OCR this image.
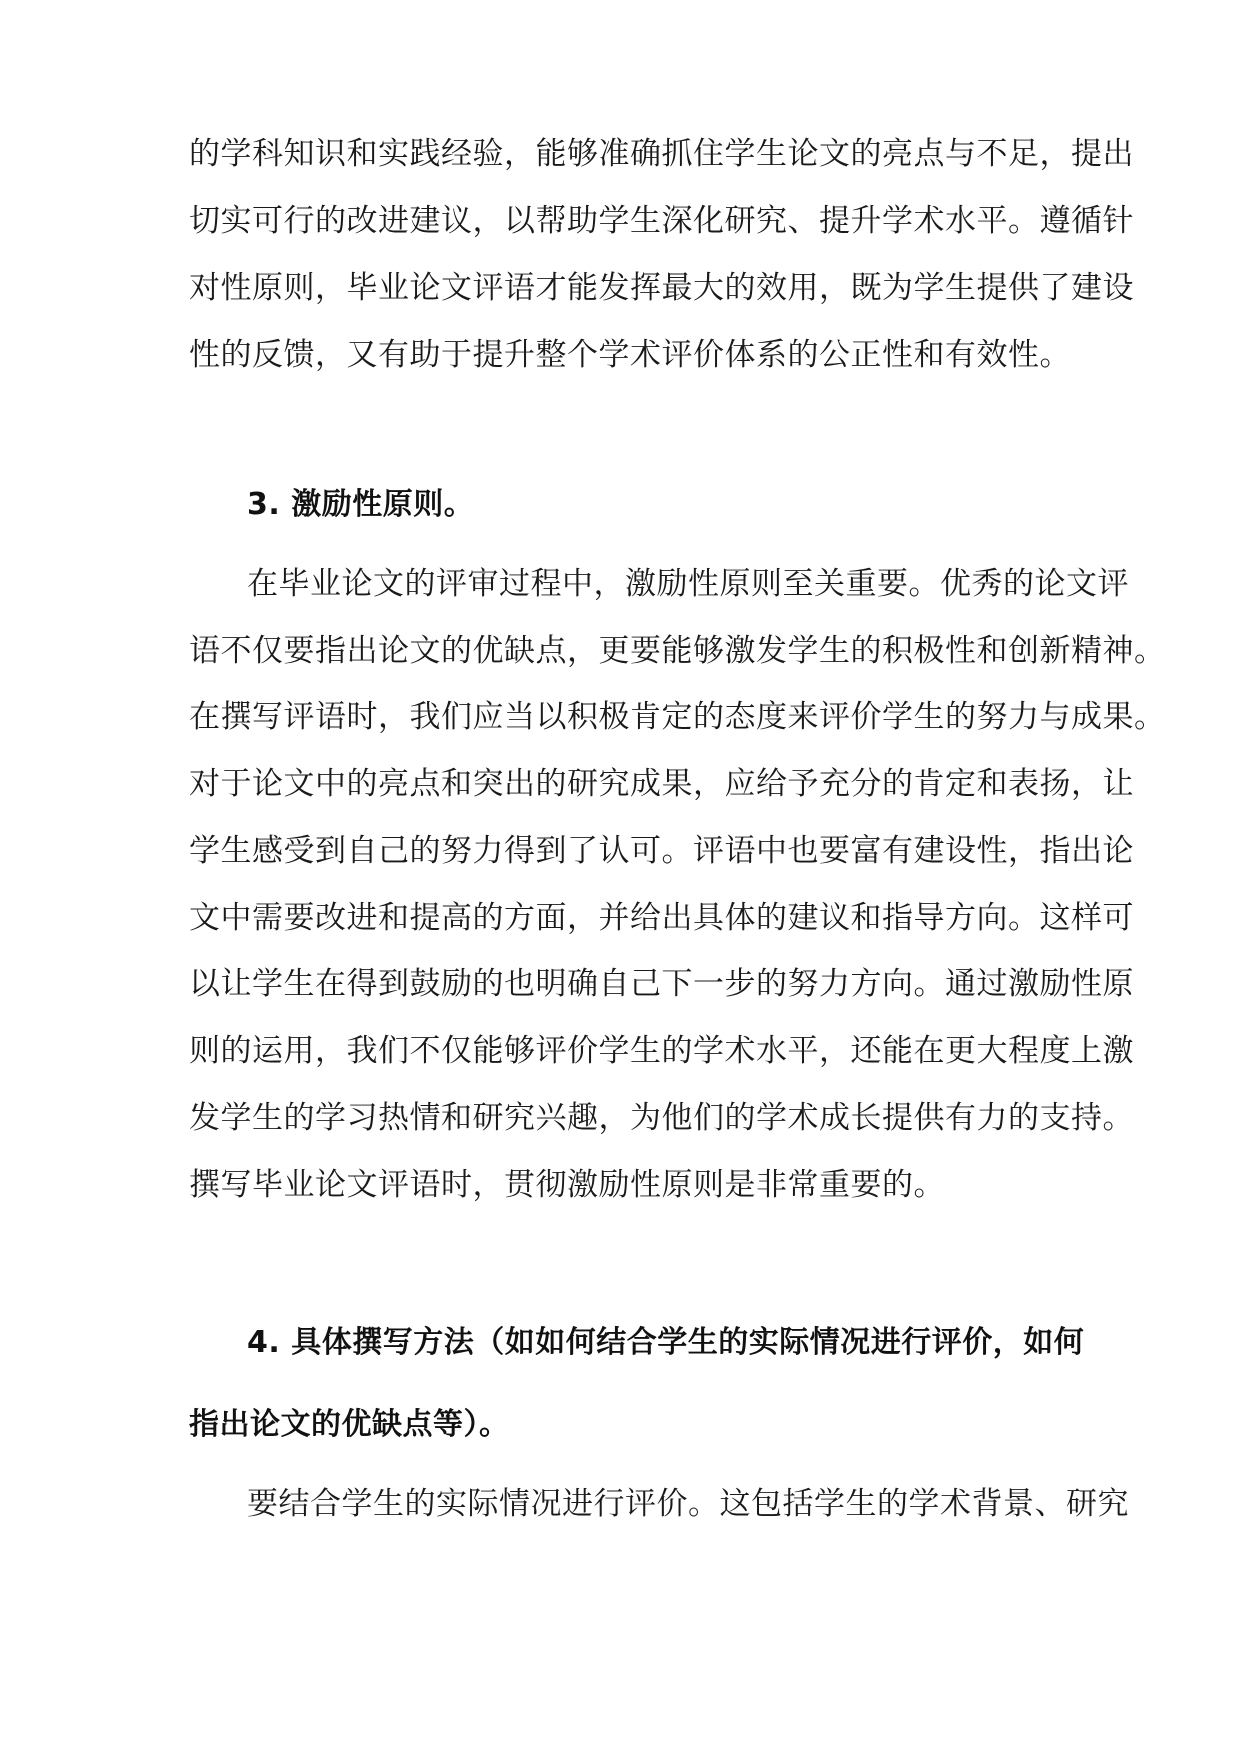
的学科知识和实践经验，能够准确抓住学生论文的亮点与不足，提出
切实可行的改进建议，以帮助学生深化研究、提升学术水平。遵循针
对性原则，毕业论文评语才能发挥最大的效用，既为学生提供了建设
性的反馈，又有助于提升整个学术评价体系的公正性和有效性。
3. 激励性原则。
在毕业论文的评审过程中，激励性原则至关重要。优秀的论文评
语不仅要指出论文的优缺点，更要能够激发学生的积极性和创新精神。
在撰写评语时，我们应当以积极肯定的态度来评价学生的努力与成果。
对于论文中的亮点和突出的研究成果，应给予充分的肯定和表扬，让
学生感受到自己的努力得到了认可。评语中也要富有建设性，指出论
文中需要改进和提高的方面，并给出具体的建议和指导方向。这样可
以让学生在得到鼓励的也明确自己下一步的努力方向。通过激励性原
则的运用，我们不仅能够评价学生的学术水平，还能在更大程度上激
发学生的学习热情和研究兴趣，为他们的学术成长提供有力的支持。
撰写毕业论文评语时，贯彻激励性原则是非常重要的。
4. 具体撰写方法（如如何结合学生的实际情况进行评价，如何
指出论文的优缺点等）。
要结合学生的实际情况进行评价。这包括学生的学术背景、研究
